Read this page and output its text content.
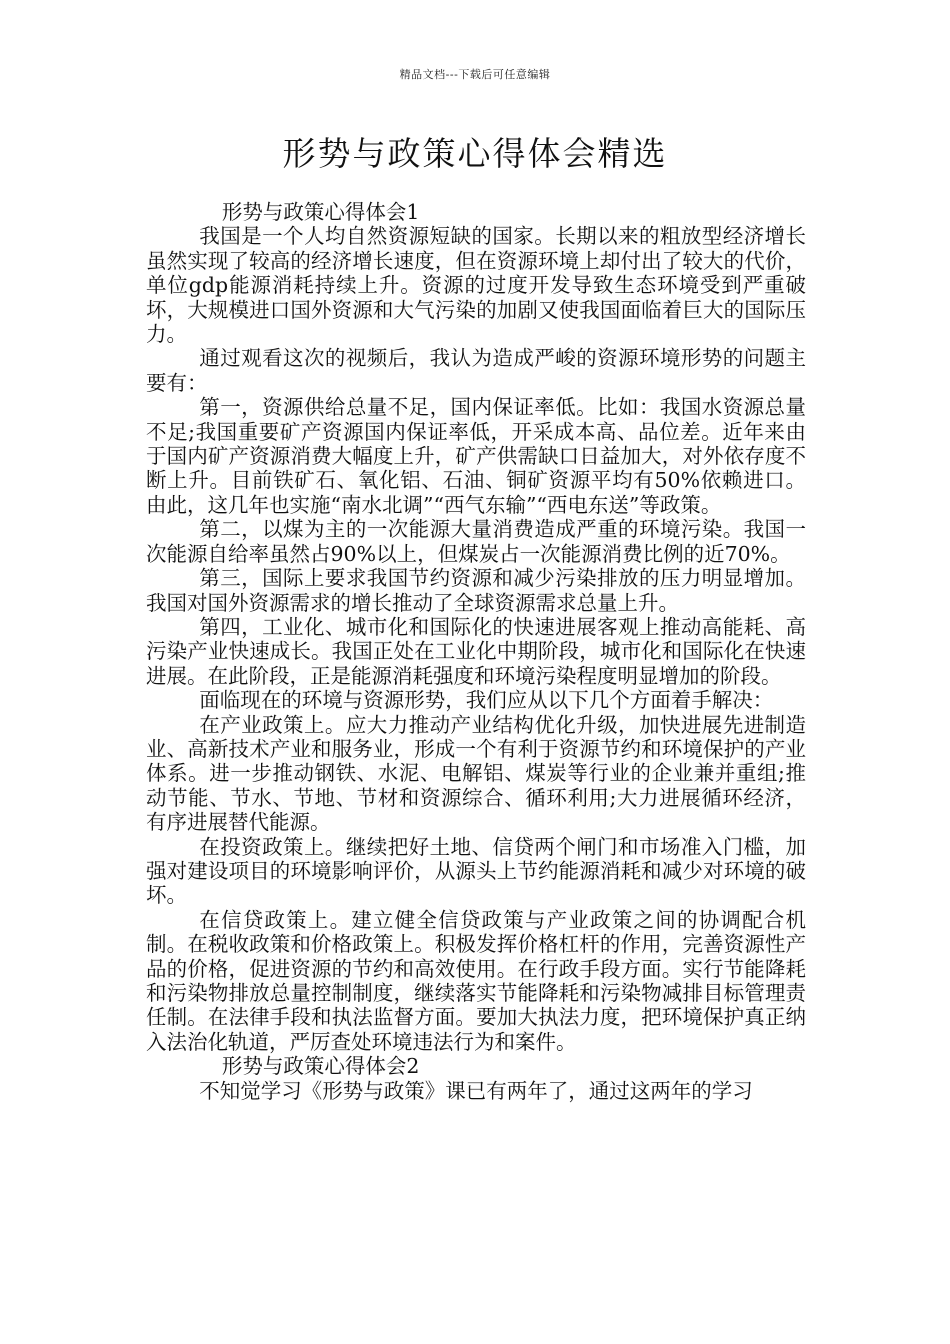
精品文档---下载后可任意编辑
形势与政策心得体会精选

形势与政策心得体会1

我国是一个人均自然资源短缺的国家。长期以来的粗放型经济增长虽然实现了较高的经济增长速度，但在资源环境上却付出了较大的代价，单位gdp能源消耗持续上升。资源的过度开发导致生态环境受到严重破坏，大规模进口国外资源和大气污染的加剧又使我国面临着巨大的国际压力。

通过观看这次的视频后，我认为造成严峻的资源环境形势的问题主要有：

第一，资源供给总量不足，国内保证率低。比如：我国水资源总量不足;我国重要矿产资源国内保证率低，开采成本高、品位差。近年来由于国内矿产资源消费大幅度上升，矿产供需缺口日益加大，对外依存度不断上升。目前铁矿石、氧化铝、石油、铜矿资源平均有50%依赖进口。由此，这几年也实施“南水北调”“西气东输”“西电东送”等政策。

第二，以煤为主的一次能源大量消费造成严重的环境污染。我国一次能源自给率虽然占90%以上，但煤炭占一次能源消费比例的近70%。

第三，国际上要求我国节约资源和减少污染排放的压力明显增加。我国对国外资源需求的增长推动了全球资源需求总量上升。

第四，工业化、城市化和国际化的快速进展客观上推动高能耗、高污染产业快速成长。我国正处在工业化中期阶段，城市化和国际化在快速进展。在此阶段，正是能源消耗强度和环境污染程度明显增加的阶段。

面临现在的环境与资源形势，我们应从以下几个方面着手解决：

在产业政策上。应大力推动产业结构优化升级，加快进展先进制造业、高新技术产业和服务业，形成一个有利于资源节约和环境保护的产业体系。进一步推动钢铁、水泥、电解铝、煤炭等行业的企业兼并重组;推动节能、节水、节地、节材和资源综合、循环利用;大力进展循环经济，有序进展替代能源。

在投资政策上。继续把好土地、信贷两个闸门和市场准入门槛，加强对建设项目的环境影响评价，从源头上节约能源消耗和减少对环境的破坏。

在信贷政策上。建立健全信贷政策与产业政策之间的协调配合机制。在税收政策和价格政策上。积极发挥价格杠杆的作用，完善资源性产品的价格，促进资源的节约和高效使用。在行政手段方面。实行节能降耗和污染物排放总量控制制度，继续落实节能降耗和污染物减排目标管理责任制。在法律手段和执法监督方面。要加大执法力度，把环境保护真正纳入法治化轨道，严厉查处环境违法行为和案件。

形势与政策心得体会2

不知觉学习《形势与政策》课已有两年了，通过这两年的学习
